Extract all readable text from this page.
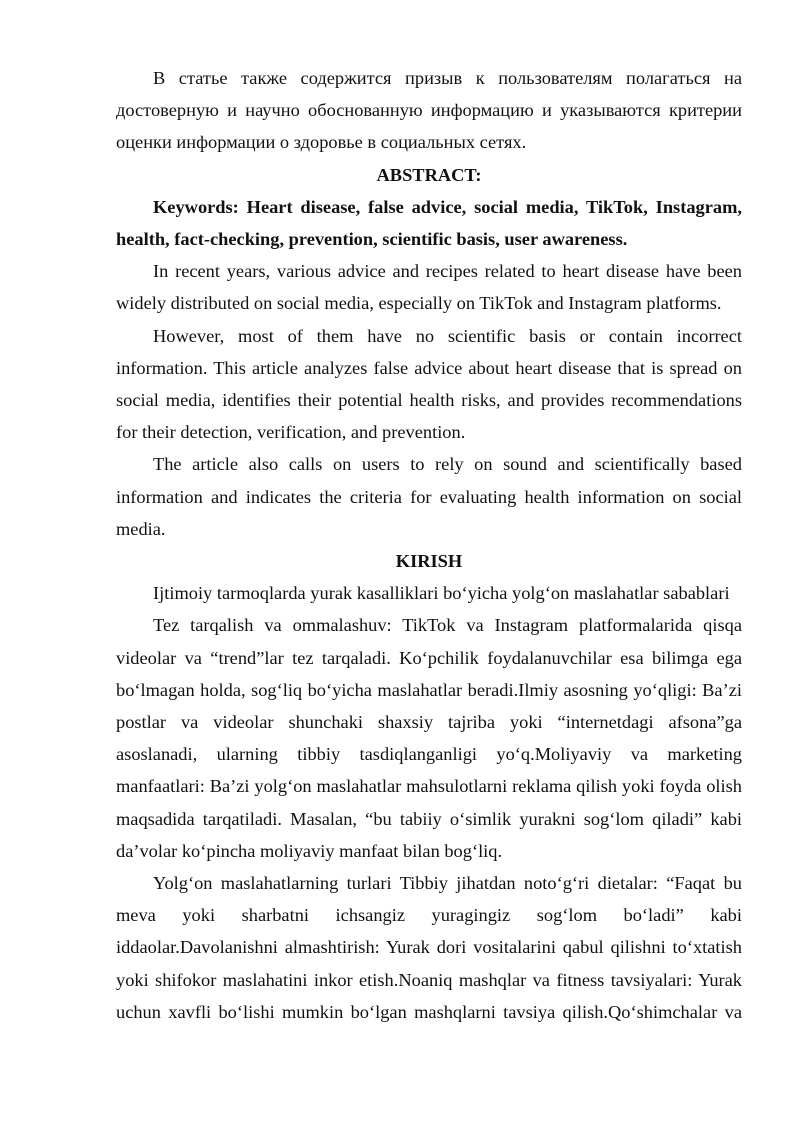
В статье также содержится призыв к пользователям полагаться на достоверную и научно обоснованную информацию и указываются критерии оценки информации о здоровье в социальных сетях.

ABSTRACT:

Keywords: Heart disease, false advice, social media, TikTok, Instagram, health, fact-checking, prevention, scientific basis, user awareness.

In recent years, various advice and recipes related to heart disease have been widely distributed on social media, especially on TikTok and Instagram platforms.

However, most of them have no scientific basis or contain incorrect information. This article analyzes false advice about heart disease that is spread on social media, identifies their potential health risks, and provides recommendations for their detection, verification, and prevention.

The article also calls on users to rely on sound and scientifically based information and indicates the criteria for evaluating health information on social media.

KIRISH

Ijtimoiy tarmoqlarda yurak kasalliklari bo‘yicha yolg‘on maslahatlar sabablari

Tez tarqalish va ommalashuv: TikTok va Instagram platformalarida qisqa videolar va “trend”lar tez tarqaladi. Ko‘pchilik foydalanuvchilar esa bilimga ega bo‘lmagan holda, sog‘liq bo‘yicha maslahatlar beradi.Ilmiy asosning yo‘qligi: Ba’zi postlar va videolar shunchaki shaxsiy tajriba yoki “internetdagi afsona”ga asoslanadi, ularning tibbiy tasdiqlanganligi yo‘q.Moliyaviy va marketing manfaatlari: Ba’zi yolg‘on maslahatlar mahsulotlarni reklama qilish yoki foyda olish maqsadida tarqatiladi. Masalan, “bu tabiiy o‘simlik yurakni sog‘lom qiladi” kabi da’volar ko‘pincha moliyaviy manfaat bilan bog‘liq.

Yolg‘on maslahatlarning turlari Tibbiy jihatdan noto‘g‘ri dietalar: “Faqat bu meva yoki sharbatni ichsangiz yuragingiz sog‘lom bo‘ladi” kabi iddaolar.Davolanishni almashtirish: Yurak dori vositalarini qabul qilishni to‘xtatish yoki shifokor maslahatini inkor etish.Noaniq mashqlar va fitness tavsiyalari: Yurak uchun xavfli bo‘lishi mumkin bo‘lgan mashqlarni tavsiya qilish.Qo‘shimchalar va
